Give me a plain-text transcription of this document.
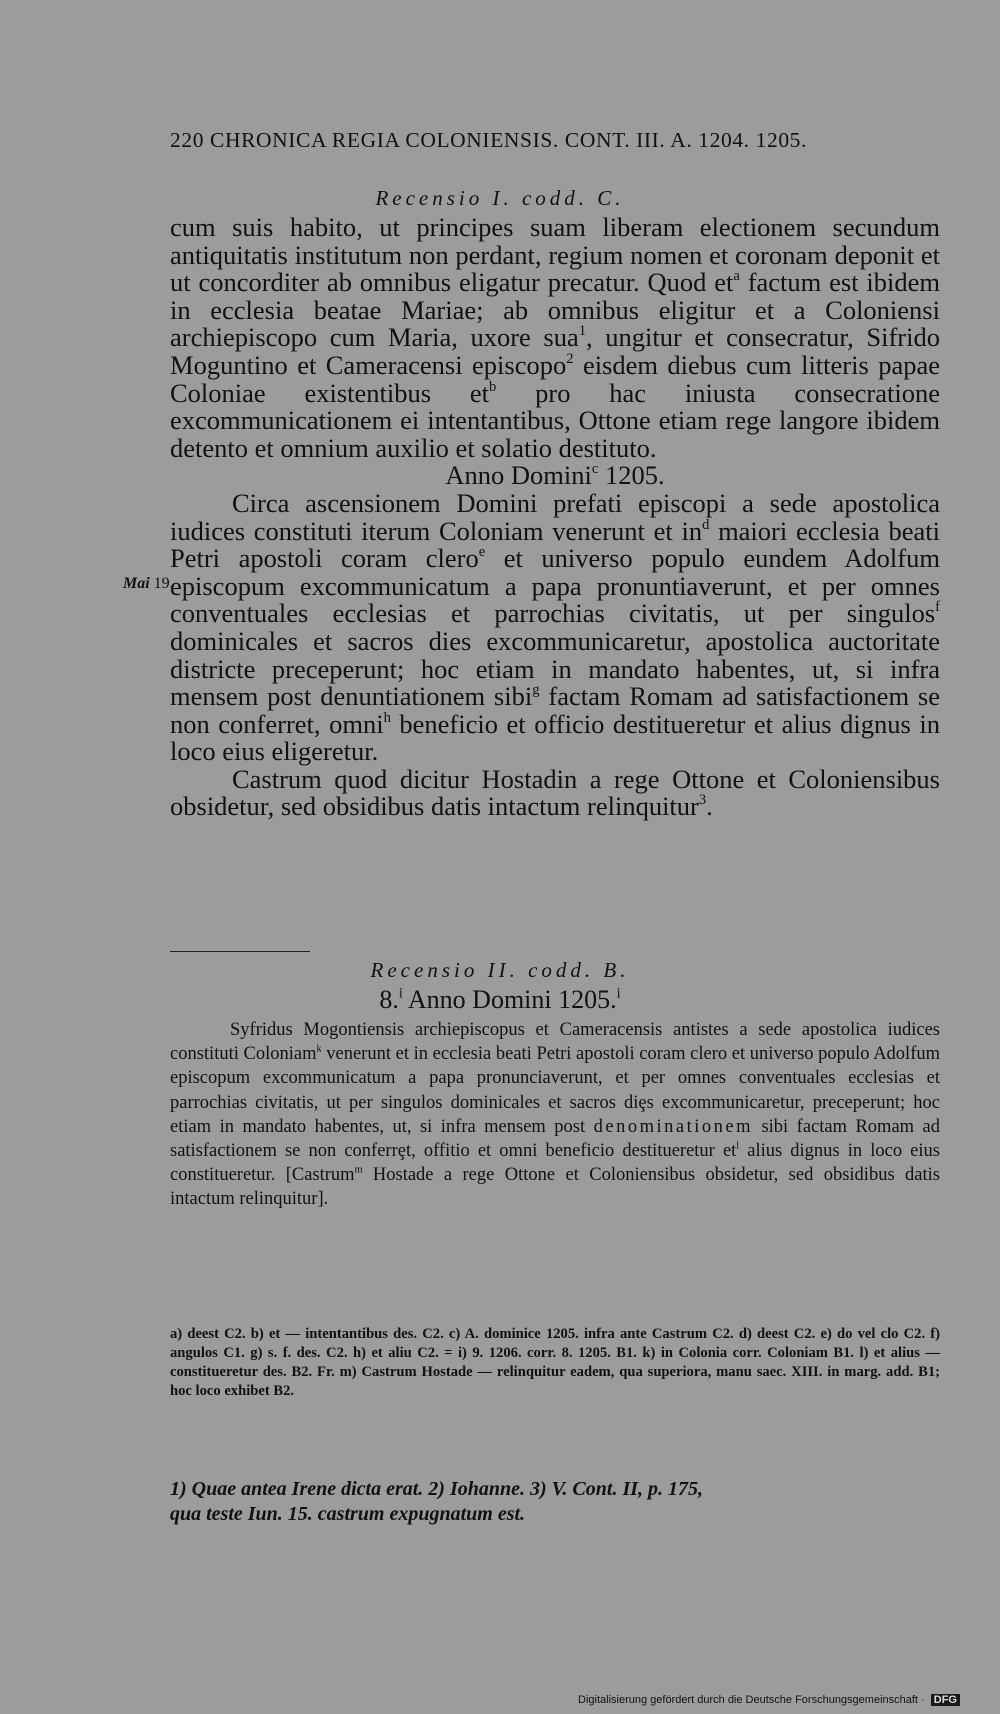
220 CHRONICA REGIA COLONIENSIS. CONT. III. A. 1204. 1205.
Recensio I. codd. C.

cum suis habito, ut principes suam liberam electionem secundum antiquitatis institutum non perdant, regium nomen et coronam deponit et ut concorditer ab omnibus eligatur precatur. Quod $et^a$ factum est ibidem in ecclesia beatae Mariae; ab omnibus eligitur et a Coloniensi archiepiscopo cum Maria, uxore sua$^1$, ungitur et consecratur, Sifrido Moguntino et Cameracensi episcopo$^2$ eisdem diebus cum litteris papae Coloniae existentibus $et^b$ pro hac iniusta consecratione excommunicationem ei intentantibus, Ottone etiam rege langore ibidem detento et omnium auxilio et solatio destituto.

Anno Domini$^c$ 1205.

Circa ascensionem Domini prefati episcopi a sede apostolica iudices constituti iterum Coloniam venerunt et $in^d$ maiori ecclesia beati Petri apostoli coram clero$^e$ et universo populo eundem Adolfum episcopum excommunicatum a papa pronuntiaverunt, et per omnes conventuales ecclesias et parrochias civitatis, ut per singulos$^f$ dominicales et sacros dies excommunicaretur, apostolica auctoritate districte preceperunt; hoc etiam in mandato habentes, ut, si infra mensem post denuntiationem sibi$^g$ factam Romam ad satisfactionem se non conferret, omni$^h$ beneficio et officio destitueretur et alius dignus in loco eius eligeretur.

Castrum quod dicitur Hostadin a rege Ottone et Coloniensibus obsidetur, sed obsidibus datis intactum relinquitur$^3$.

Mai 19.
Recensio II. codd. B.
8.$^i$ Anno Domini 1205.$^i$

Syfridus Mogontiensis archiepiscopus et Cameracensis antistes a sede apostolica iudices constituti Coloniam$^k$ venerunt et in ecclesia beati Petri apostoli coram clero et universo populo Adolfum episcopum excommunicatum a papa pronunciaverunt, et per omnes conventuales ecclesias et parrochias civitatis, ut per singulos dominicales et sacros diȩs excommunicaretur, preceperunt; hoc etiam in mandato habentes, ut, si infra mensem post denominationem sibi factam Romam ad satisfactionem se non conferrȩt, offitio et omni beneficio destitueretur $et^l$ alius dignus in loco eius constitueretur. [Castrum$^m$ Hostade a rege Ottone et Coloniensibus obsidetur, sed obsidibus datis intactum relinquitur].

a) deest C2. b) et — intentantibus des. C2. c) A. dominice 1205. infra ante Castrum C2. d) deest C2. e) do vel clo C2. f) angulos C1. g) s. f. des. C2. h) et aliu C2. = i) 9. 1206. corr. 8. 1205. B1. k) in Colonia corr. Coloniam B1. l) et alius — constitueretur des. B2. Fr. m) Castrum Hostade — relinquitur eadem, qua superiora, manu saec. XIII. in marg. add. B1; hoc loco exhibet B2.

1) Quae antea Irene dicta erat. 2) Iohanne. 3) V. Cont. II, p. 175,

qua teste Iun. 15. castrum expugnatum est.

Digitalisierung gefördert durch die Deutsche Forschungsgemeinschaft · DFG
